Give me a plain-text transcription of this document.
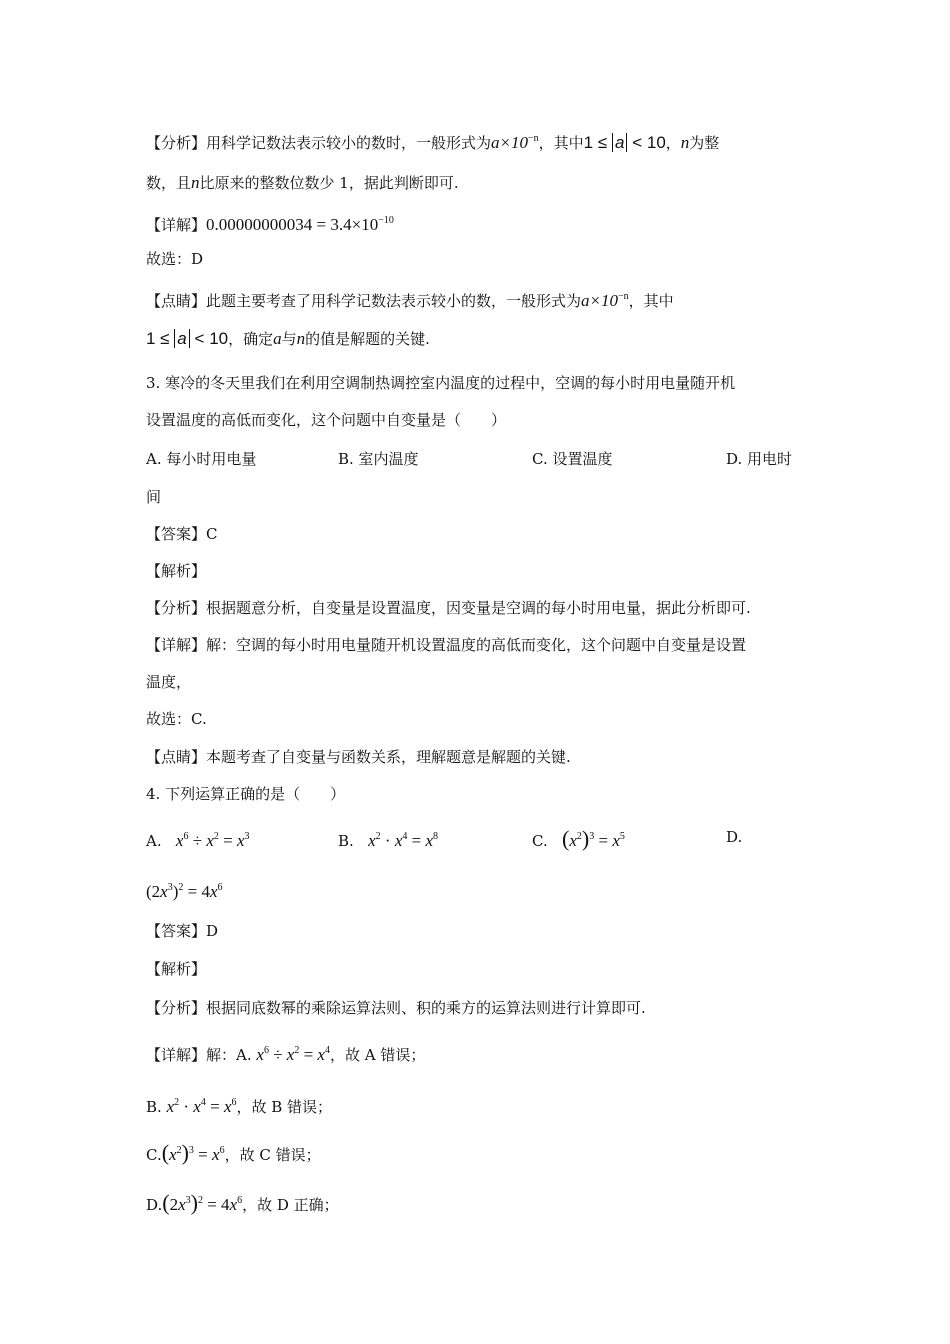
【分析】用科学记数法表示较小的数时，一般形式为$a\times 10^{-n}$，其中1 ≤ a < 10，n为整
数，且n比原来的整数位数少 1，据此判断即可.
【详解】$0.00000000034 = 3.4\times 10^{-10}$
故选：D
【点睛】此题主要考查了用科学记数法表示较小的数，一般形式为$a\times 10^{-n}$，其中
1 ≤ a < 10，确定a与n的值是解题的关键.
3. 寒冷的冬天里我们在利用空调制热调控室内温度的过程中，空调的每小时用电量随开机
设置温度的高低而变化，这个问题中自变量是（　　）
A. 每小时用电量	B. 室内温度	C. 设置温度	D. 用电时
间
【答案】C
【解析】
【分析】根据题意分析，自变量是设置温度，因变量是空调的每小时用电量，据此分析即可.
【详解】解：空调的每小时用电量随开机设置温度的高低而变化，这个问题中自变量是设置
温度，
故选：C.
【点睛】本题考查了自变量与函数关系，理解题意是解题的关键.
4. 下列运算正确的是（　　）
A. $x^6 \div x^2 = x^3$	B. $x^2 \cdot x^4 = x^8$	C. $(x^2)^3 = x^5$	D.
$(2x^3)^2 = 4x^6$
【答案】D
【解析】
【分析】根据同底数幂的乘除运算法则、积的乘方的运算法则进行计算即可.
【详解】解：A. $x^6 \div x^2 = x^4$，故 A 错误；
B. $x^2 \cdot x^4 = x^6$，故 B 错误；
$C.(x^2)^3 = x^6$，故 C 错误；
$D.(2x^3)^2 = 4x^6$，故 D 正确；
